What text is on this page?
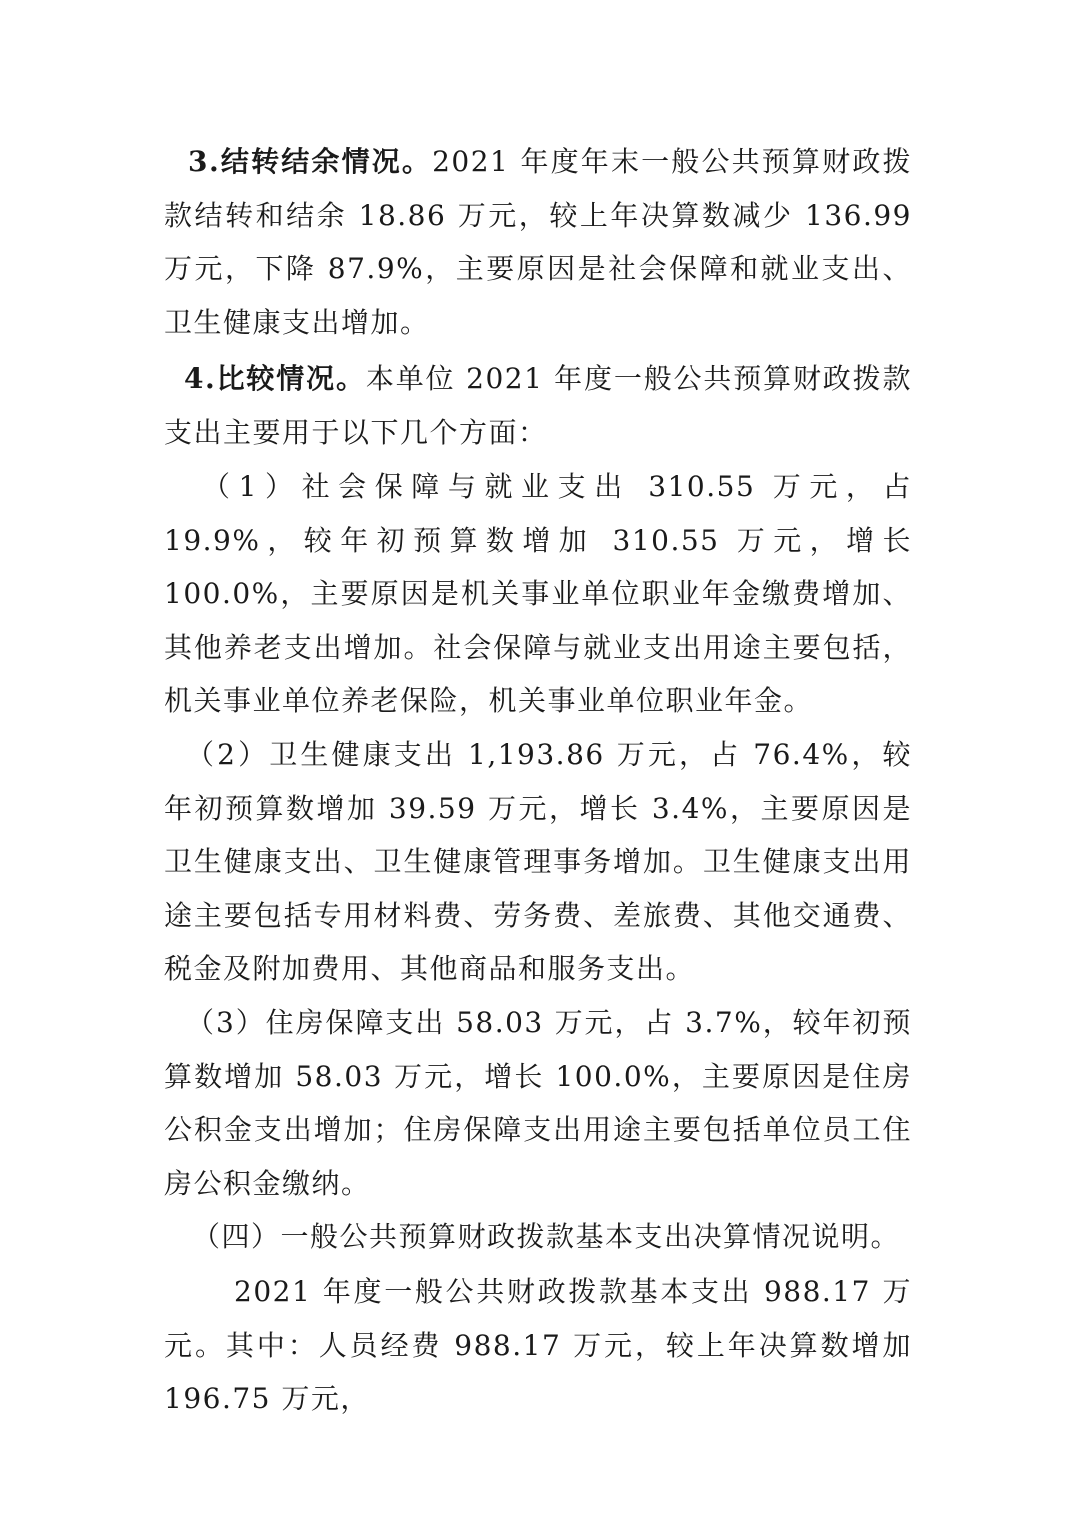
3.结转结余情况。2021 年度年末一般公共预算财政拨款结转和结余 18.86 万元，较上年决算数减少 136.99 万元，下降 87.9%，主要原因是社会保障和就业支出、卫生健康支出增加。

4.比较情况。本单位 2021 年度一般公共预算财政拨款支出主要用于以下几个方面：

（1）社会保障与就业支出 310.55 万元，占 19.9%，较年初预算数增加 310.55 万元，增长 100.0%，主要原因是机关事业单位职业年金缴费增加、其他养老支出增加。社会保障与就业支出用途主要包括，机关事业单位养老保险，机关事业单位职业年金。

（2）卫生健康支出 1,193.86 万元，占 76.4%，较年初预算数增加 39.59 万元，增长 3.4%，主要原因是卫生健康支出、卫生健康管理事务增加。卫生健康支出用途主要包括专用材料费、劳务费、差旅费、其他交通费、税金及附加费用、其他商品和服务支出。

（3）住房保障支出 58.03 万元，占 3.7%，较年初预算数增加 58.03 万元，增长 100.0%，主要原因是住房公积金支出增加；住房保障支出用途主要包括单位员工住房公积金缴纳。

（四）一般公共预算财政拨款基本支出决算情况说明。

2021 年度一般公共财政拨款基本支出 988.17 万元。其中：人员经费 988.17 万元，较上年决算数增加 196.75 万元，
